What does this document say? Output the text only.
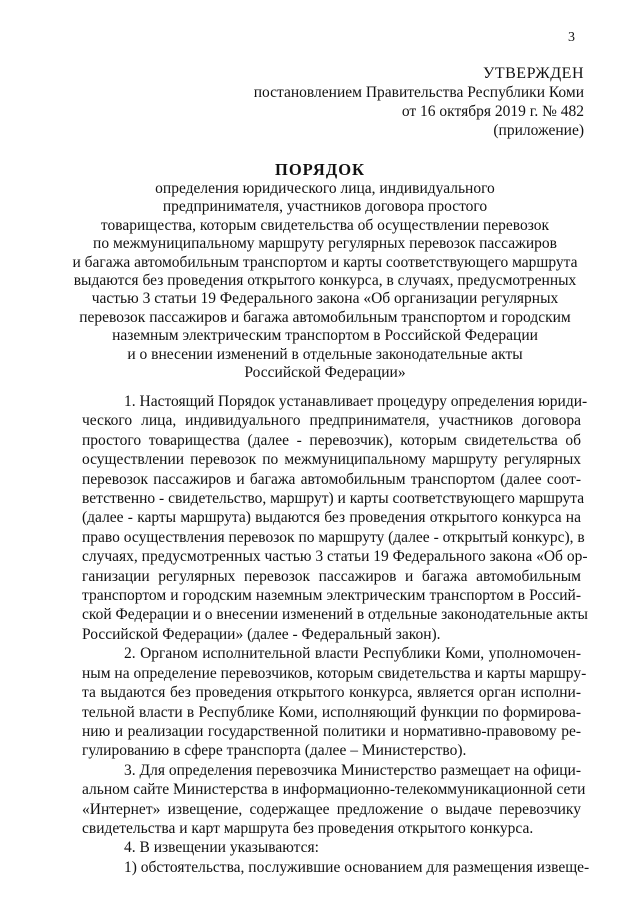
3
УТВЕРЖДЕН
постановлением Правительства Республики Коми
от 16 октября 2019 г. № 482
(приложение)
ПОРЯДОК
определения юридического лица, индивидуального
предпринимателя, участников договора простого
товарищества, которым свидетельства об осуществлении перевозок
по межмуниципальному маршруту регулярных перевозок пассажиров
и багажа автомобильным транспортом и карты соответствующего маршрута
выдаются без проведения открытого конкурса, в случаях, предусмотренных
частью 3 статьи 19 Федерального закона «Об организации регулярных
перевозок пассажиров и багажа автомобильным транспортом и городским
наземным электрическим транспортом в Российской Федерации
и о внесении изменений в отдельные законодательные акты
Российской Федерации»
1. Настоящий Порядок устанавливает процедуру определения юриди-
ческого лица, индивидуального предпринимателя, участников договора
простого товарищества (далее - перевозчик), которым свидетельства об
осуществлении перевозок по межмуниципальному маршруту регулярных
перевозок пассажиров и багажа автомобильным транспортом (далее соот-
ветственно - свидетельство, маршрут) и карты соответствующего маршрута
(далее - карты маршрута) выдаются без проведения открытого конкурса на
право осуществления перевозок по маршруту (далее - открытый конкурс), в
случаях, предусмотренных частью 3 статьи 19 Федерального закона «Об ор-
ганизации регулярных перевозок пассажиров и багажа автомобильным
транспортом и городским наземным электрическим транспортом в Россий-
ской Федерации и о внесении изменений в отдельные законодательные акты
Российской Федерации» (далее - Федеральный закон).
2. Органом исполнительной власти Республики Коми, уполномочен-
ным на определение перевозчиков, которым свидетельства и карты маршру-
та выдаются без проведения открытого конкурса, является орган исполни-
тельной власти в Республике Коми, исполняющий функции по формирова-
нию и реализации государственной политики и нормативно-правовому ре-
гулированию в сфере транспорта (далее – Министерство).
3. Для определения перевозчика Министерство размещает на офици-
альном сайте Министерства в информационно-телекоммуникационной сети
«Интернет» извещение, содержащее предложение о выдаче перевозчику
свидетельства и карт маршрута без проведения открытого конкурса.
4. В извещении указываются:
1) обстоятельства, послужившие основанием для размещения извеще-
